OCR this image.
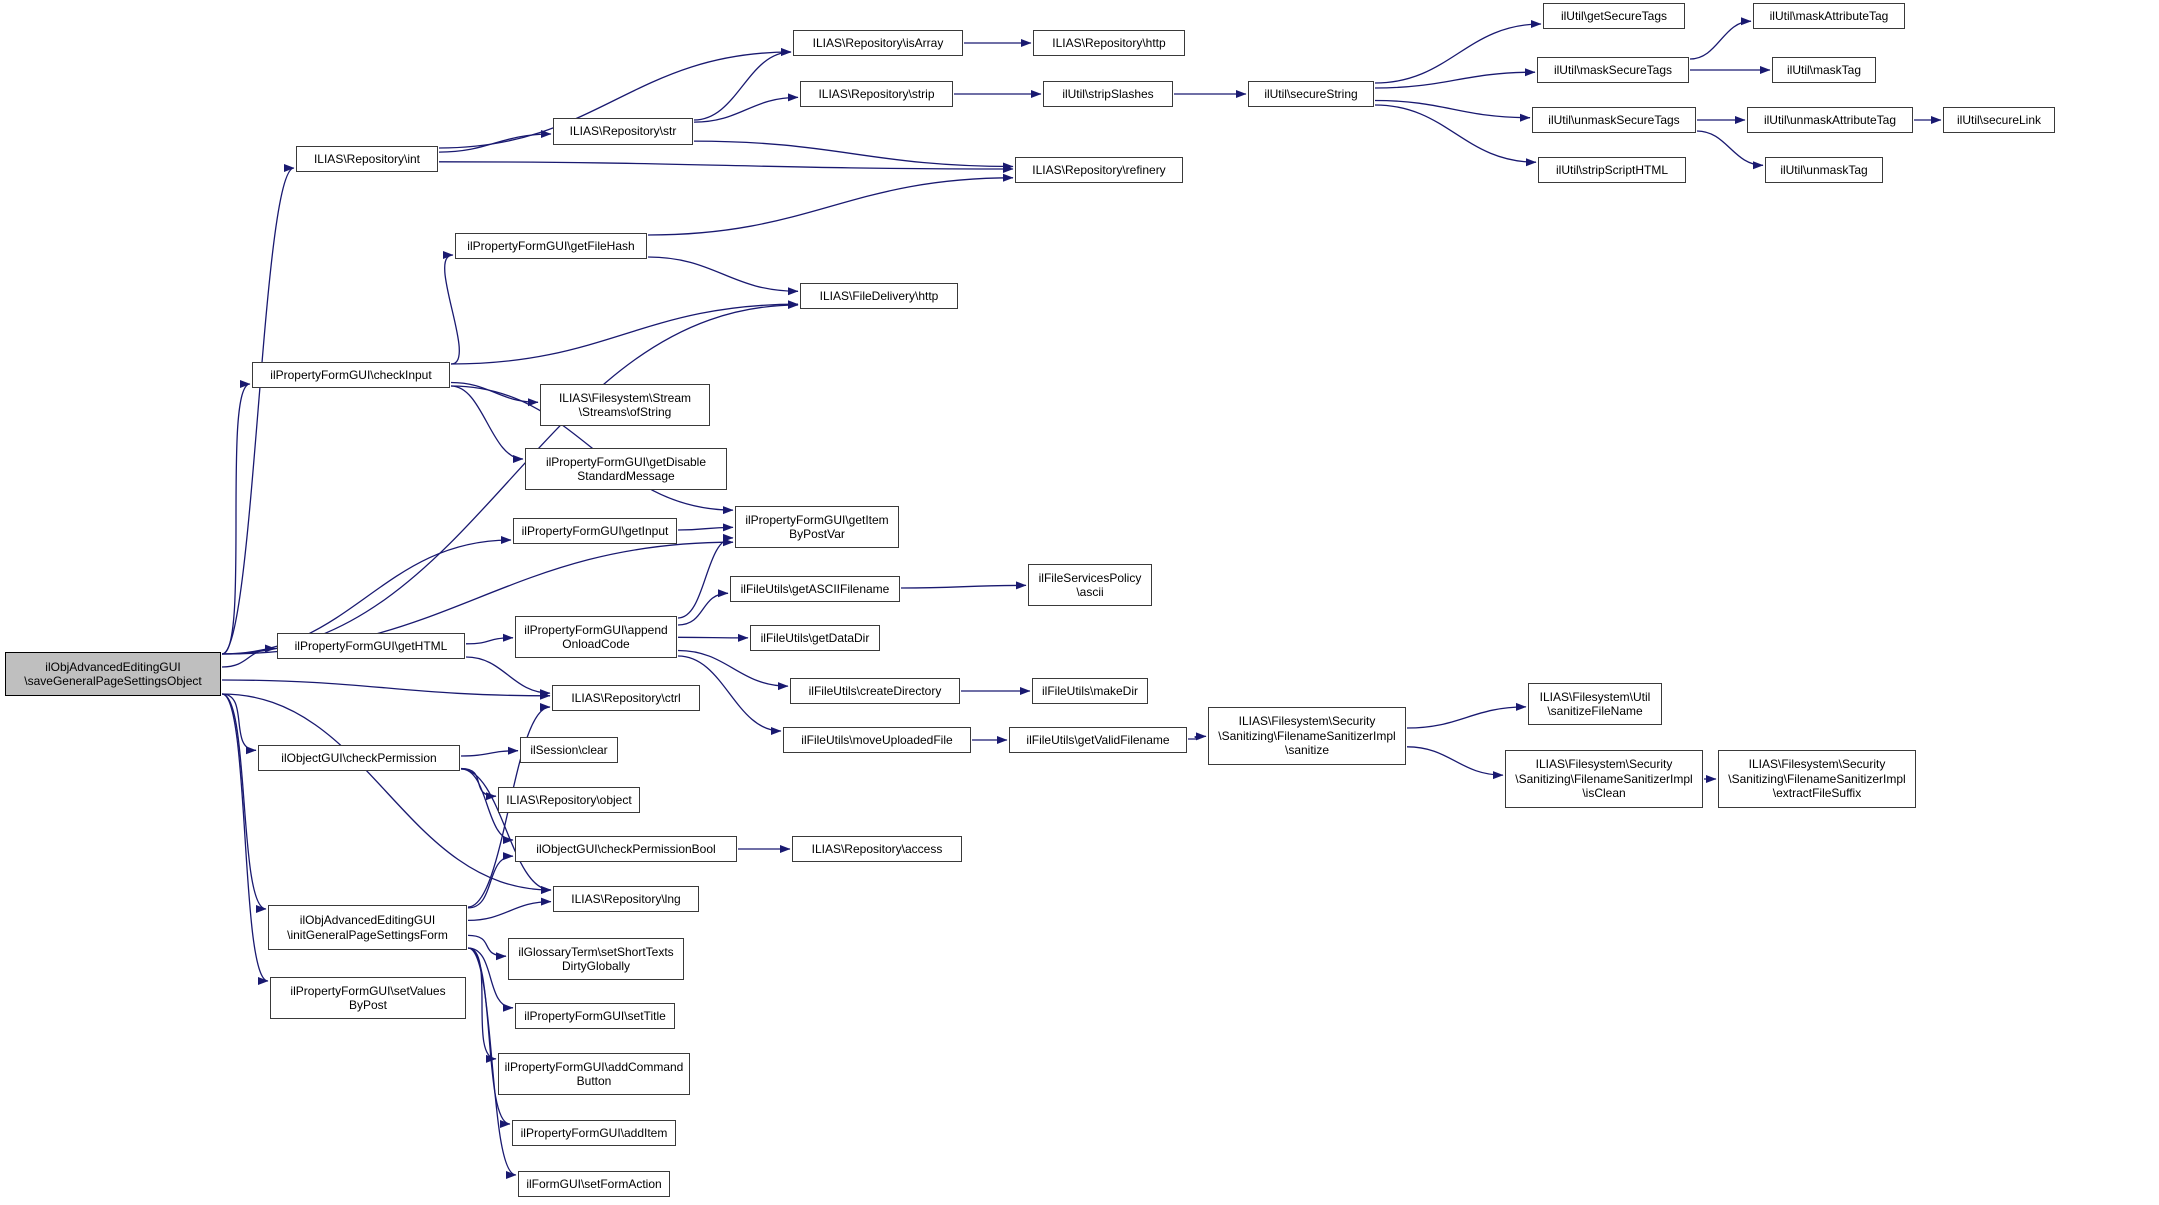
ilObjAdvancedEditingGUI
\saveGeneralPageSettingsObject
ILIAS\Repository\int
ILIAS\Repository\str
ILIAS\Repository\isArray	ILIAS\Repository\http
ILIAS\Repository\strip	ilUtil\stripSlashes	ilUtil\secureString
ilUtil\getSecureTags	ilUtil\maskAttributeTag
ilUtil\maskSecureTags	ilUtil\maskTag
ilUtil\unmaskSecureTags	ilUtil\unmaskAttributeTag	ilUtil\secureLink
ilUtil\stripScriptHTML	ilUtil\unmaskTag
ILIAS\Repository\refinery
ilPropertyFormGUI\getFileHash
ILIAS\FileDelivery\http
ilPropertyFormGUI\checkInput
ILIAS\Filesystem\Stream
\Streams\ofString
ilPropertyFormGUI\getDisable
StandardMessage
ilPropertyFormGUI\getInput
ilPropertyFormGUI\getItem
ByPostVar
ilFileUtils\getASCIIFilename
ilFileServicesPolicy
\ascii
ilFileUtils\getDataDir
ilPropertyFormGUI\getHTML
ilPropertyFormGUI\append
OnloadCode
ilFileUtils\createDirectory	ilFileUtils\makeDir
ILIAS\Repository\ctrl
ilFileUtils\moveUploadedFile	ilFileUtils\getValidFilename
ILIAS\Filesystem\Security
\Sanitizing\FilenameSanitizerImpl
\sanitize
ILIAS\Filesystem\Util
\sanitizeFileName
ILIAS\Filesystem\Security
\Sanitizing\FilenameSanitizerImpl
\isClean
ILIAS\Filesystem\Security
\Sanitizing\FilenameSanitizerImpl
\extractFileSuffix
ilObjectGUI\checkPermission
ilSession\clear
ILIAS\Repository\object
ilObjectGUI\checkPermissionBool	ILIAS\Repository\access
ILIAS\Repository\lng
ilObjAdvancedEditingGUI
\initGeneralPageSettingsForm
ilGlossaryTerm\setShortTexts
DirtyGlobally
ilPropertyFormGUI\setValues
ByPost
ilPropertyFormGUI\setTitle
ilPropertyFormGUI\addCommand
Button
ilPropertyFormGUI\addItem
ilFormGUI\setFormAction
